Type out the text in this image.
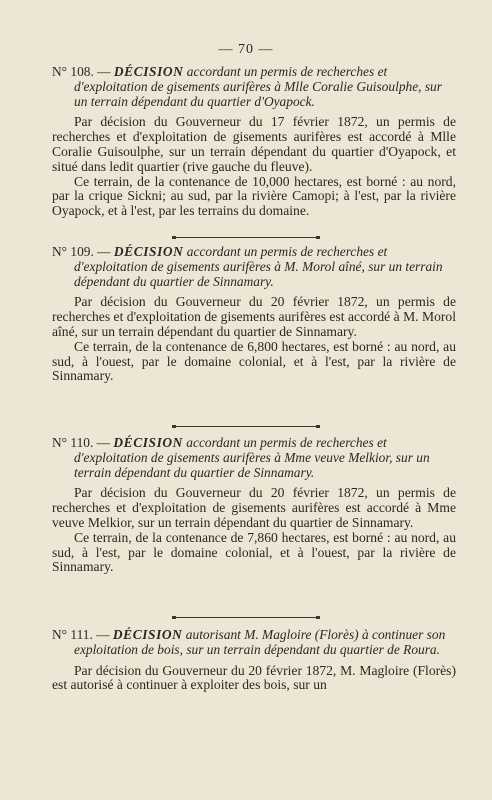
— 70 —

N° 108. — DÉCISION accordant un permis de recherches et d'exploitation de gisements aurifères à Mlle Coralie Guisoulphe, sur un terrain dépendant du quartier d'Oyapock.

Par décision du Gouverneur du 17 février 1872, un permis de recherches et d'exploitation de gisements aurifères est accordé à Mlle Coralie Guisoulphe, sur un terrain dépendant du quartier d'Oyapock, et situé dans ledit quartier (rive gauche du fleuve).

Ce terrain, de la contenance de 10,000 hectares, est borné : au nord, par la crique Sickni; au sud, par la rivière Camopi; à l'est, par la rivière Oyapock, et à l'est, par les terrains du domaine.

N° 109. — DÉCISION accordant un permis de recherches et d'exploitation de gisements aurifères à M. Morol aîné, sur un terrain dépendant du quartier de Sinnamary.

Par décision du Gouverneur du 20 février 1872, un permis de recherches et d'exploitation de gisements aurifères est accordé à M. Morol aîné, sur un terrain dépendant du quartier de Sinnamary.

Ce terrain, de la contenance de 6,800 hectares, est borné : au nord, au sud, à l'ouest, par le domaine colonial, et à l'est, par la rivière de Sinnamary.

N° 110. — DÉCISION accordant un permis de recherches et d'exploitation de gisements aurifères à Mme veuve Melkior, sur un terrain dépendant du quartier de Sinnamary.

Par décision du Gouverneur du 20 février 1872, un permis de recherches et d'exploitation de gisements aurifères est accordé à Mme veuve Melkior, sur un terrain dépendant du quartier de Sinnamary.

Ce terrain, de la contenance de 7,860 hectares, est borné : au nord, au sud, à l'est, par le domaine colonial, et à l'ouest, par la rivière de Sinnamary.

N° 111. — DÉCISION autorisant M. Magloire (Florès) à continuer son exploitation de bois, sur un terrain dépendant du quartier de Roura.

Par décision du Gouverneur du 20 février 1872, M. Magloire (Florès) est autorisé à continuer à exploiter des bois, sur un
